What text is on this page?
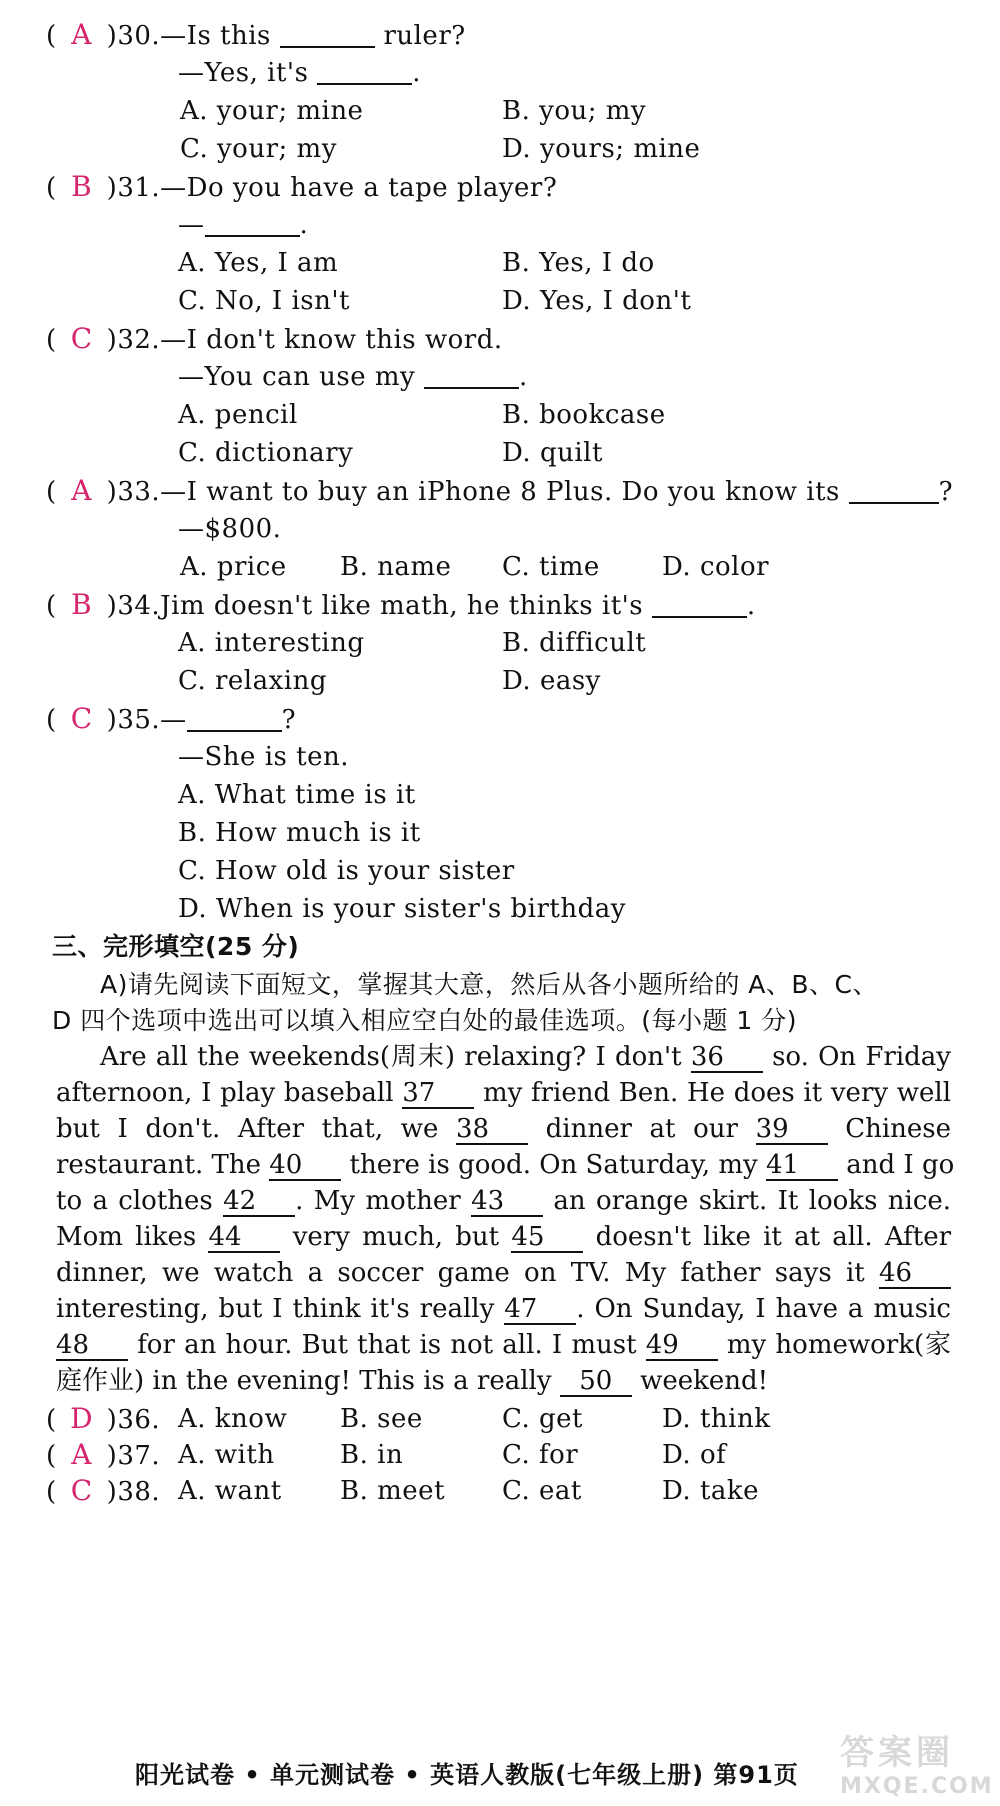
( A )30.—Is this	ruler?
—Yes, it's	.
A. your; mine	B. you; my
C. your; my	D. yours; mine
( B )31.—Do you have a tape player?
—	.
A. Yes, I am	B. Yes, I do
C. No, I isn't	D. Yes, I don't
( C )32.—I don't know this word.
—You can use my	.
A. pencil	B. bookcase
C. dictionary	D. quilt
( A )33.—I want to buy an iPhone 8 Plus. Do you know its	?
—$800.
A. price B. name C. time D. color
( B )34.Jim doesn't like math, he thinks it's	.
A. interesting	B. difficult
C. relaxing	D. easy
( C )35.—	?
—She is ten.
A. What time is it
B. How much is it
C. How old is your sister
D. When is your sister's birthday
三、完形填空(25 分)
A)请先阅读下面短文，掌握其大意，然后从各小题所给的 A、B、C、
D 四个选项中选出可以填入相应空白处的最佳选项。(每小题 1 分)
Are all the weekends(周末) relaxing? I don't 36 so. On Friday
afternoon, I play baseball 37 my friend Ben. He does it very well
but I don't. After that, we 38 dinner at our 39 Chinese
restaurant. The 40 there is good. On Saturday, my 41 and I go
to a clothes 42 . My mother 43 an orange skirt. It looks nice.
Mom likes 44 very much, but 45 doesn't like it at all. After
dinner, we watch a soccer game on TV. My father says it 46
interesting, but I think it's really 47 . On Sunday, I have a music
48 for an hour. But that is not all. I must 49 my homework(家
庭作业) in the evening! This is a really 50 weekend!
( D )36. A. know B. see	C. get	D. think
( A )37. A. with	B. in	C. for	D. of
( C )38. A. want B. meet C. eat	D. take
阳光试卷 • 单元测试卷 • 英语人教版(七年级上册) 第91页
答案圈
MXQE.COM
